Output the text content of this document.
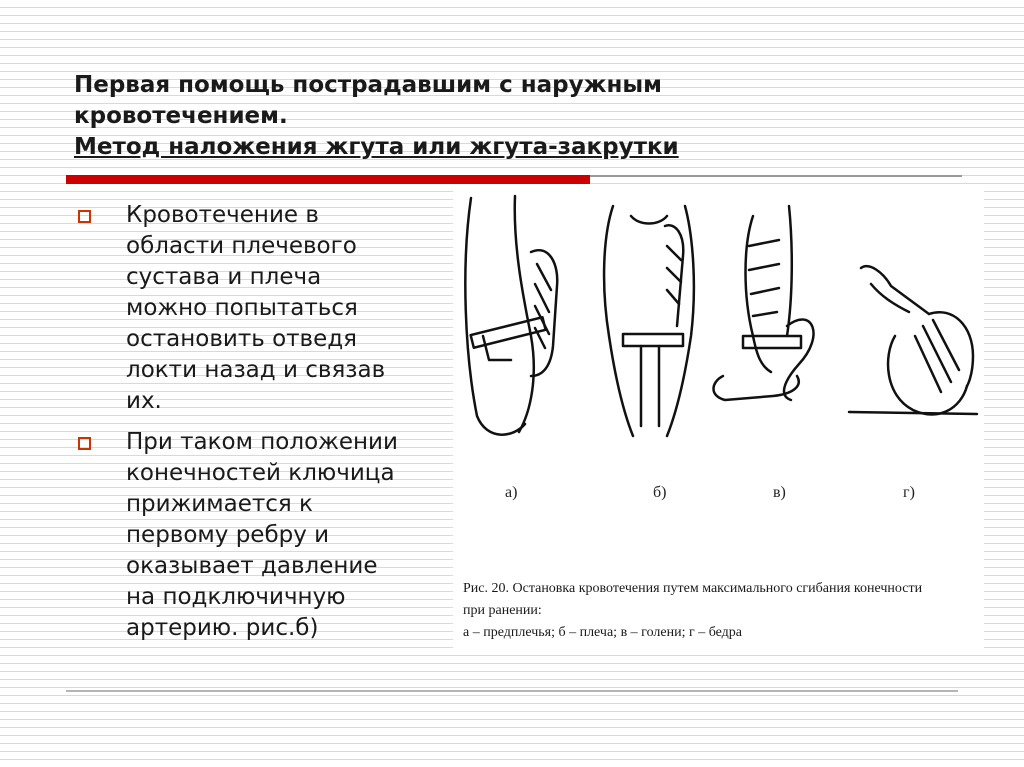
Первая помощь пострадавшим с наружным
кровотечением.
Метод наложения жгута или жгута-закрутки
Кровотечение в
области плечевого
сустава и плеча
можно попытаться
остановить отведя
локти назад и связав
их.
При таком положении
конечностей ключица
прижимается к
первому ребру и
оказывает давление
на подключичную
артерию. рис.б)
а)	б)	в)	г)
Рис. 20. Остановка кровотечения путем максимального сгибания конечности
при ранении:
а – предплечья; б – плеча; в – голени; г – бедра
